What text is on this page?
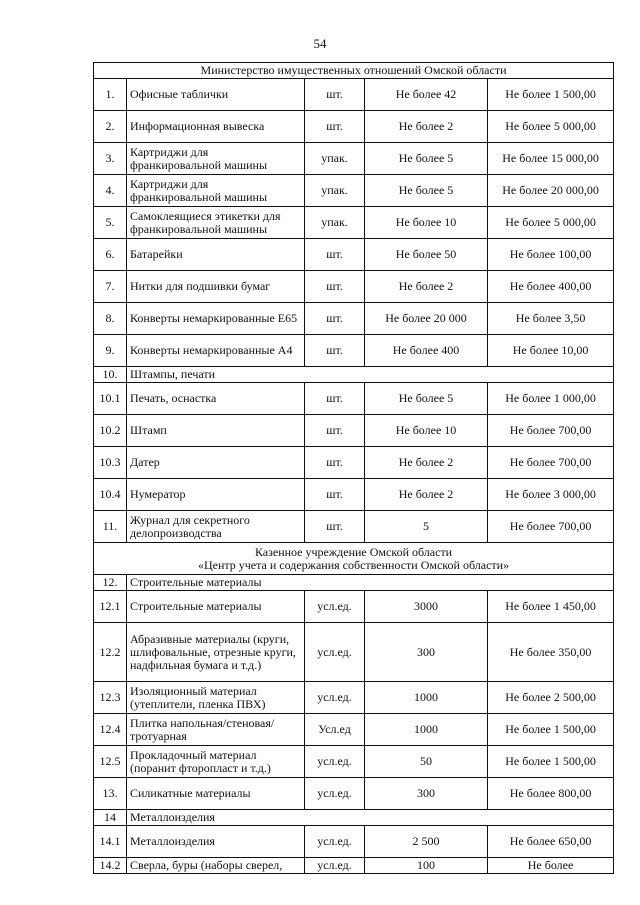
54
Министерство имущественных отношений Омской области				

1.	Офисные таблички	шт.	Не более 42	Не более 1 500,00
2.	Информационная вывеска	шт.	Не более 2	Не более 5 000,00
3.	Картриджи для франкировальной машины	упак.	Не более 5	Не более 15 000,00
4.	Картриджи для франкировальной машины	упак.	Не более 5	Не более 20 000,00
5.	Самоклеящиеся этикетки для франкировальной машины	упак.	Не более 10	Не более 5 000,00
6.	Батарейки	шт.	Не более 50	Не более 100,00
7.	Нитки для подшивки бумаг	шт.	Не более 2	Не более 400,00
8.	Конверты немаркированные Е65	шт.	Не более 20 000	Не более 3,50
9.	Конверты немаркированные А4	шт.	Не более 400	Не более 10,00
10.	Штампы, печати			
10.1	Печать, оснастка	шт.	Не более 5	Не более 1 000,00
10.2	Штамп	шт.	Не более 10	Не более 700,00
10.3	Датер	шт.	Не более 2	Не более 700,00
10.4	Нумератор	шт.	Не более 2	Не более 3 000,00
11.	Журнал для секретного делопроизводства	шт.	5	Не более 700,00

Казенное учреждение Омской области
«Центр учета и содержания собственности Омской области»				

12.	Строительные материалы			
12.1	Строительные материалы	усл.ед.	3000	Не более 1 450,00
12.2	Абразивные материалы (круги, шлифовальные, отрезные круги, надфильная бумага и т.д.)	усл.ед.	300	Не более 350,00
12.3	Изоляционный материал (утеплители, пленка ПВХ)	усл.ед.	1000	Не более 2 500,00
12.4	Плитка напольная/стеновая/тротуарная	Усл.ед	1000	Не более 1 500,00
12.5	Прокладочный материал (поранит фторопласт и т.д.)	усл.ед.	50	Не более 1 500,00
13.	Силикатные материалы	усл.ед.	300	Не более 800,00
14	Металлоизделия			
14.1	Металлоизделия	усл.ед.	2 500	Не более 650,00
14.2	Сверла, буры (наборы сверел,	усл.ед.	100	Не более
